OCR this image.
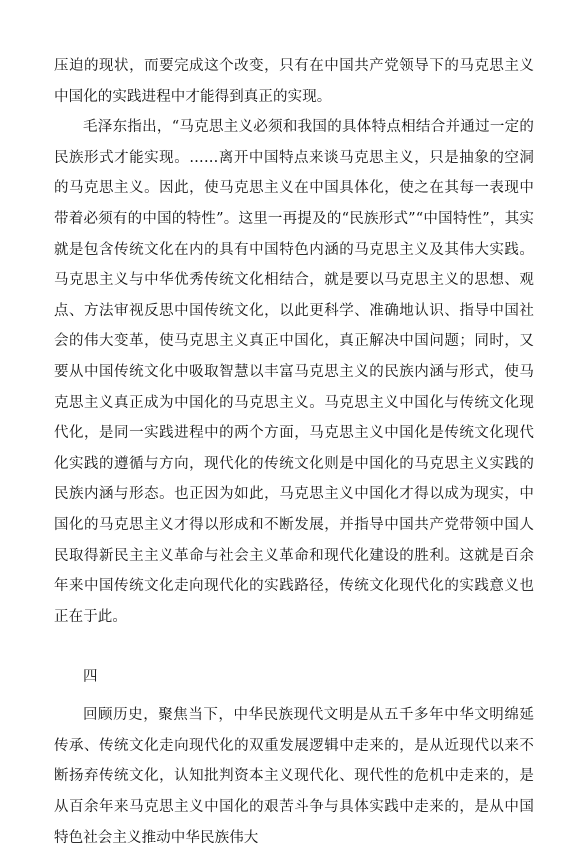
压迫的现状，而要完成这个改变，只有在中国共产党领导下的马克思主义中国化的实践进程中才能得到真正的实现。

毛泽东指出，“马克思主义必须和我国的具体特点相结合并通过一定的民族形式才能实现。……离开中国特点来谈马克思主义，只是抽象的空洞的马克思主义。因此，使马克思主义在中国具体化，使之在其每一表现中带着必须有的中国的特性”。这里一再提及的“民族形式”“中国特性”，其实就是包含传统文化在内的具有中国特色内涵的马克思主义及其伟大实践。马克思主义与中华优秀传统文化相结合，就是要以马克思主义的思想、观点、方法审视反思中国传统文化，以此更科学、准确地认识、指导中国社会的伟大变革，使马克思主义真正中国化，真正解决中国问题；同时，又要从中国传统文化中吸取智慧以丰富马克思主义的民族内涵与形式，使马克思主义真正成为中国化的马克思主义。马克思主义中国化与传统文化现代化，是同一实践进程中的两个方面，马克思主义中国化是传统文化现代化实践的遵循与方向，现代化的传统文化则是中国化的马克思主义实践的民族内涵与形态。也正因为如此，马克思主义中国化才得以成为现实，中国化的马克思主义才得以形成和不断发展，并指导中国共产党带领中国人民取得新民主主义革命与社会主义革命和现代化建设的胜利。这就是百余年来中国传统文化走向现代化的实践路径，传统文化现代化的实践意义也正在于此。

四

回顾历史，聚焦当下，中华民族现代文明是从五千多年中华文明绵延传承、传统文化走向现代化的双重发展逻辑中走来的，是从近现代以来不断扬弃传统文化，认知批判资本主义现代化、现代性的危机中走来的，是从百余年来马克思主义中国化的艰苦斗争与具体实践中走来的，是从中国特色社会主义推动中华民族伟大
